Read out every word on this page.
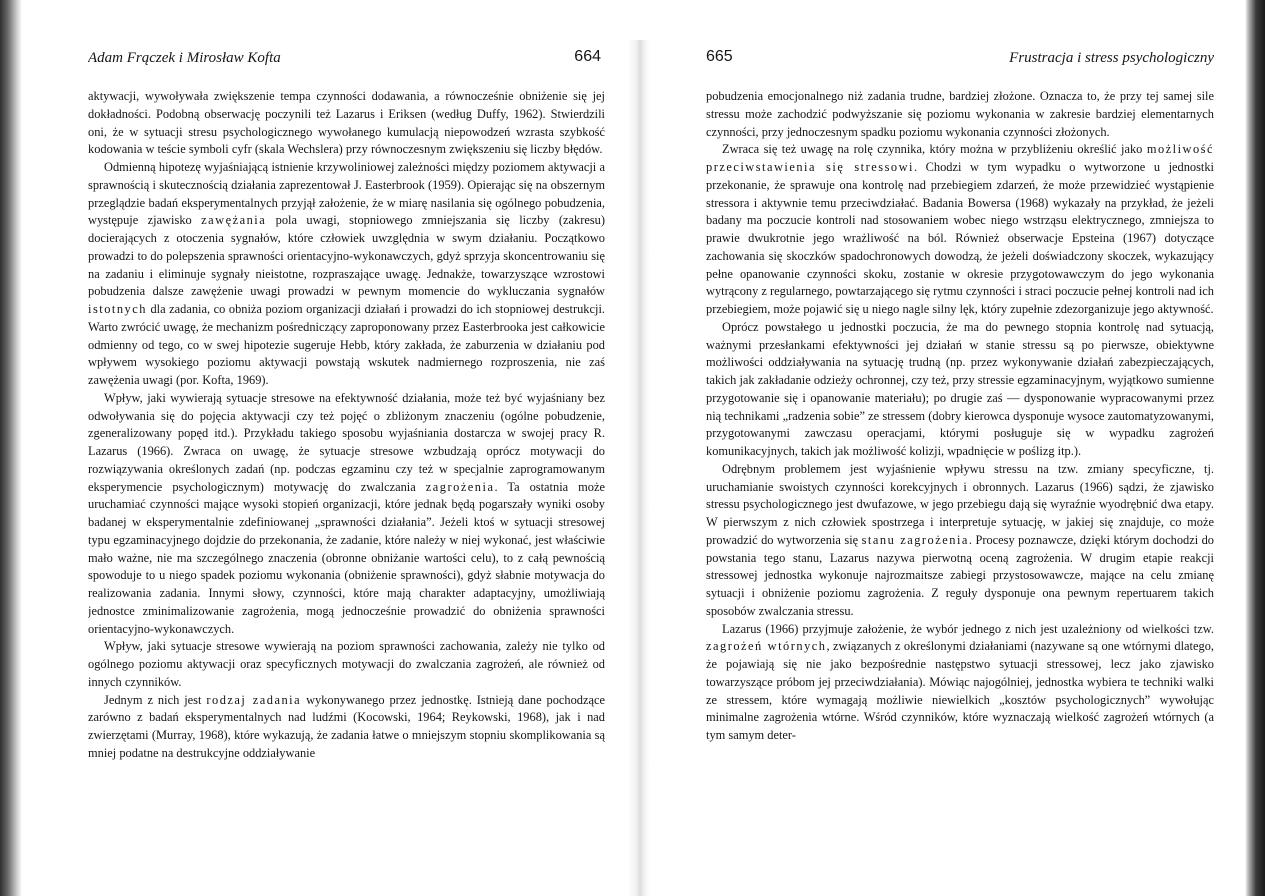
Adam Frączek i Mirosław Kofta	664

aktywacji, wywoływała zwiększenie tempa czynności dodawania, a równocześnie obniżenie się jej dokładności. Podobną obserwację poczynili też Lazarus i Eriksen (według Duffy, 1962). Stwierdzili oni, że w sytuacji stresu psychologicznego wywołanego kumulacją niepowodzeń wzrasta szybkość kodowania w teście symboli cyfr (skala Wechslera) przy równoczesnym zwiększeniu się liczby błędów.

Odmienną hipotezę wyjaśniającą istnienie krzywoliniowej zależności między poziomem aktywacji a sprawnością i skutecznością działania zaprezentował J. Easterbrook (1959). Opierając się na obszernym przeglądzie badań eksperymentalnych przyjął założenie, że w miarę nasilania się ogólnego pobudzenia, występuje zjawisko zawężania pola uwagi, stopniowego zmniejszania się liczby (zakresu) docierających z otoczenia sygnałów, które człowiek uwzględnia w swym działaniu. Początkowo prowadzi to do polepszenia sprawności orientacyjno-wykonawczych, gdyż sprzyja skoncentrowaniu się na zadaniu i eliminuje sygnały nieistotne, rozpraszające uwagę. Jednakże, towarzyszące wzrostowi pobudzenia dalsze zawężenie uwagi prowadzi w pewnym momencie do wykluczania sygnałów istotnych dla zadania, co obniża poziom organizacji działań i prowadzi do ich stopniowej destrukcji. Warto zwrócić uwagę, że mechanizm pośredniczący zaproponowany przez Easterbrooka jest całkowicie odmienny od tego, co w swej hipotezie sugeruje Hebb, który zakłada, że zaburzenia w działaniu pod wpływem wysokiego poziomu aktywacji powstają wskutek nadmiernego rozproszenia, nie zaś zawężenia uwagi (por. Kofta, 1969).

Wpływ, jaki wywierają sytuacje stresowe na efektywność działania, może też być wyjaśniany bez odwoływania się do pojęcia aktywacji czy też pojęć o zbliżonym znaczeniu (ogólne pobudzenie, zgeneralizowany popęd itd.). Przykładu takiego sposobu wyjaśniania dostarcza w swojej pracy R. Lazarus (1966). Zwraca on uwagę, że sytuacje stresowe wzbudzają oprócz motywacji do rozwiązywania określonych zadań (np. podczas egzaminu czy też w specjalnie zaprogramowanym eksperymencie psychologicznym) motywację do zwalczania zagrożenia. Ta ostatnia może uruchamiać czynności mające wysoki stopień organizacji, które jednak będą pogarszały wyniki osoby badanej w eksperymentalnie zdefiniowanej „sprawności działania”. Jeżeli ktoś w sytuacji stresowej typu egzaminacyjnego dojdzie do przekonania, że zadanie, które należy w niej wykonać, jest właściwie mało ważne, nie ma szczególnego znaczenia (obronne obniżanie wartości celu), to z całą pewnością spowoduje to u niego spadek poziomu wykonania (obniżenie sprawności), gdyż słabnie motywacja do realizowania zadania. Innymi słowy, czynności, które mają charakter adaptacyjny, umożliwiają jednostce zminimalizowanie zagrożenia, mogą jednocześnie prowadzić do obniżenia sprawności orientacyjno-wykonawczych.

Wpływ, jaki sytuacje stresowe wywierają na poziom sprawności zachowania, zależy nie tylko od ogólnego poziomu aktywacji oraz specyficznych motywacji do zwalczania zagrożeń, ale również od innych czynników.

Jednym z nich jest rodzaj zadania wykonywanego przez jednostkę. Istnieją dane pochodzące zarówno z badań eksperymentalnych nad ludźmi (Kocowski, 1964; Reykowski, 1968), jak i nad zwierzętami (Murray, 1968), które wykazują, że zadania łatwe o mniejszym stopniu skomplikowania są mniej podatne na destrukcyjne oddziaływanie

665	Frustracja i stress psychologiczny

pobudzenia emocjonalnego niż zadania trudne, bardziej złożone. Oznacza to, że przy tej samej sile stressu może zachodzić podwyższanie się poziomu wykonania w zakresie bardziej elementarnych czynności, przy jednoczesnym spadku poziomu wykonania czynności złożonych.

Zwraca się też uwagę na rolę czynnika, który można w przybliżeniu określić jako możliwość przeciwstawienia się stressowi. Chodzi w tym wypadku o wytworzone u jednostki przekonanie, że sprawuje ona kontrolę nad przebiegiem zdarzeń, że może przewidzieć wystąpienie stressora i aktywnie temu przeciwdziałać. Badania Bowersa (1968) wykazały na przykład, że jeżeli badany ma poczucie kontroli nad stosowaniem wobec niego wstrząsu elektrycznego, zmniejsza to prawie dwukrotnie jego wrażliwość na ból. Również obserwacje Epsteina (1967) dotyczące zachowania się skoczków spadochronowych dowodzą, że jeżeli doświadczony skoczek, wykazujący pełne opanowanie czynności skoku, zostanie w okresie przygotowawczym do jego wykonania wytrącony z regularnego, powtarzającego się rytmu czynności i straci poczucie pełnej kontroli nad ich przebiegiem, może pojawić się u niego nagle silny lęk, który zupełnie zdezorganizuje jego aktywność.

Oprócz powstałego u jednostki poczucia, że ma do pewnego stopnia kontrolę nad sytuacją, ważnymi przesłankami efektywności jej działań w stanie stressu są po pierwsze, obiektywne możliwości oddziaływania na sytuację trudną (np. przez wykonywanie działań zabezpieczających, takich jak zakładanie odzieży ochronnej, czy też, przy stressie egzaminacyjnym, wyjątkowo sumienne przygotowanie się i opanowanie materiału); po drugie zaś — dysponowanie wypracowanymi przez nią technikami „radzenia sobie” ze stressem (dobry kierowca dysponuje wysoce zautomatyzowanymi, przygotowanymi zawczasu operacjami, którymi posługuje się w wypadku zagrożeń komunikacyjnych, takich jak możliwość kolizji, wpadnięcie w poślizg itp.).

Odrębnym problemem jest wyjaśnienie wpływu stressu na tzw. zmiany specyficzne, tj. uruchamianie swoistych czynności korekcyjnych i obronnych. Lazarus (1966) sądzi, że zjawisko stressu psychologicznego jest dwufazowe, w jego przebiegu dają się wyraźnie wyodrębnić dwa etapy. W pierwszym z nich człowiek spostrzega i interpretuje sytuację, w jakiej się znajduje, co może prowadzić do wytworzenia się stanu zagrożenia. Procesy poznawcze, dzięki którym dochodzi do powstania tego stanu, Lazarus nazywa pierwotną oceną zagrożenia. W drugim etapie reakcji stressowej jednostka wykonuje najrozmaitsze zabiegi przystosowawcze, mające na celu zmianę sytuacji i obniżenie poziomu zagrożenia. Z reguły dysponuje ona pewnym repertuarem takich sposobów zwalczania stressu.

Lazarus (1966) przyjmuje założenie, że wybór jednego z nich jest uzależniony od wielkości tzw. zagrożeń wtórnych, związanych z określonymi działaniami (nazywane są one wtórnymi dlatego, że pojawiają się nie jako bezpośrednie następstwo sytuacji stressowej, lecz jako zjawisko towarzyszące próbom jej przeciwdziałania). Mówiąc najogólniej, jednostka wybiera te techniki walki ze stressem, które wymagają możliwie niewielkich „kosztów psychologicznych” wywołując minimalne zagrożenia wtórne. Wśród czynników, które wyznaczają wielkość zagrożeń wtórnych (a tym samym deter-
